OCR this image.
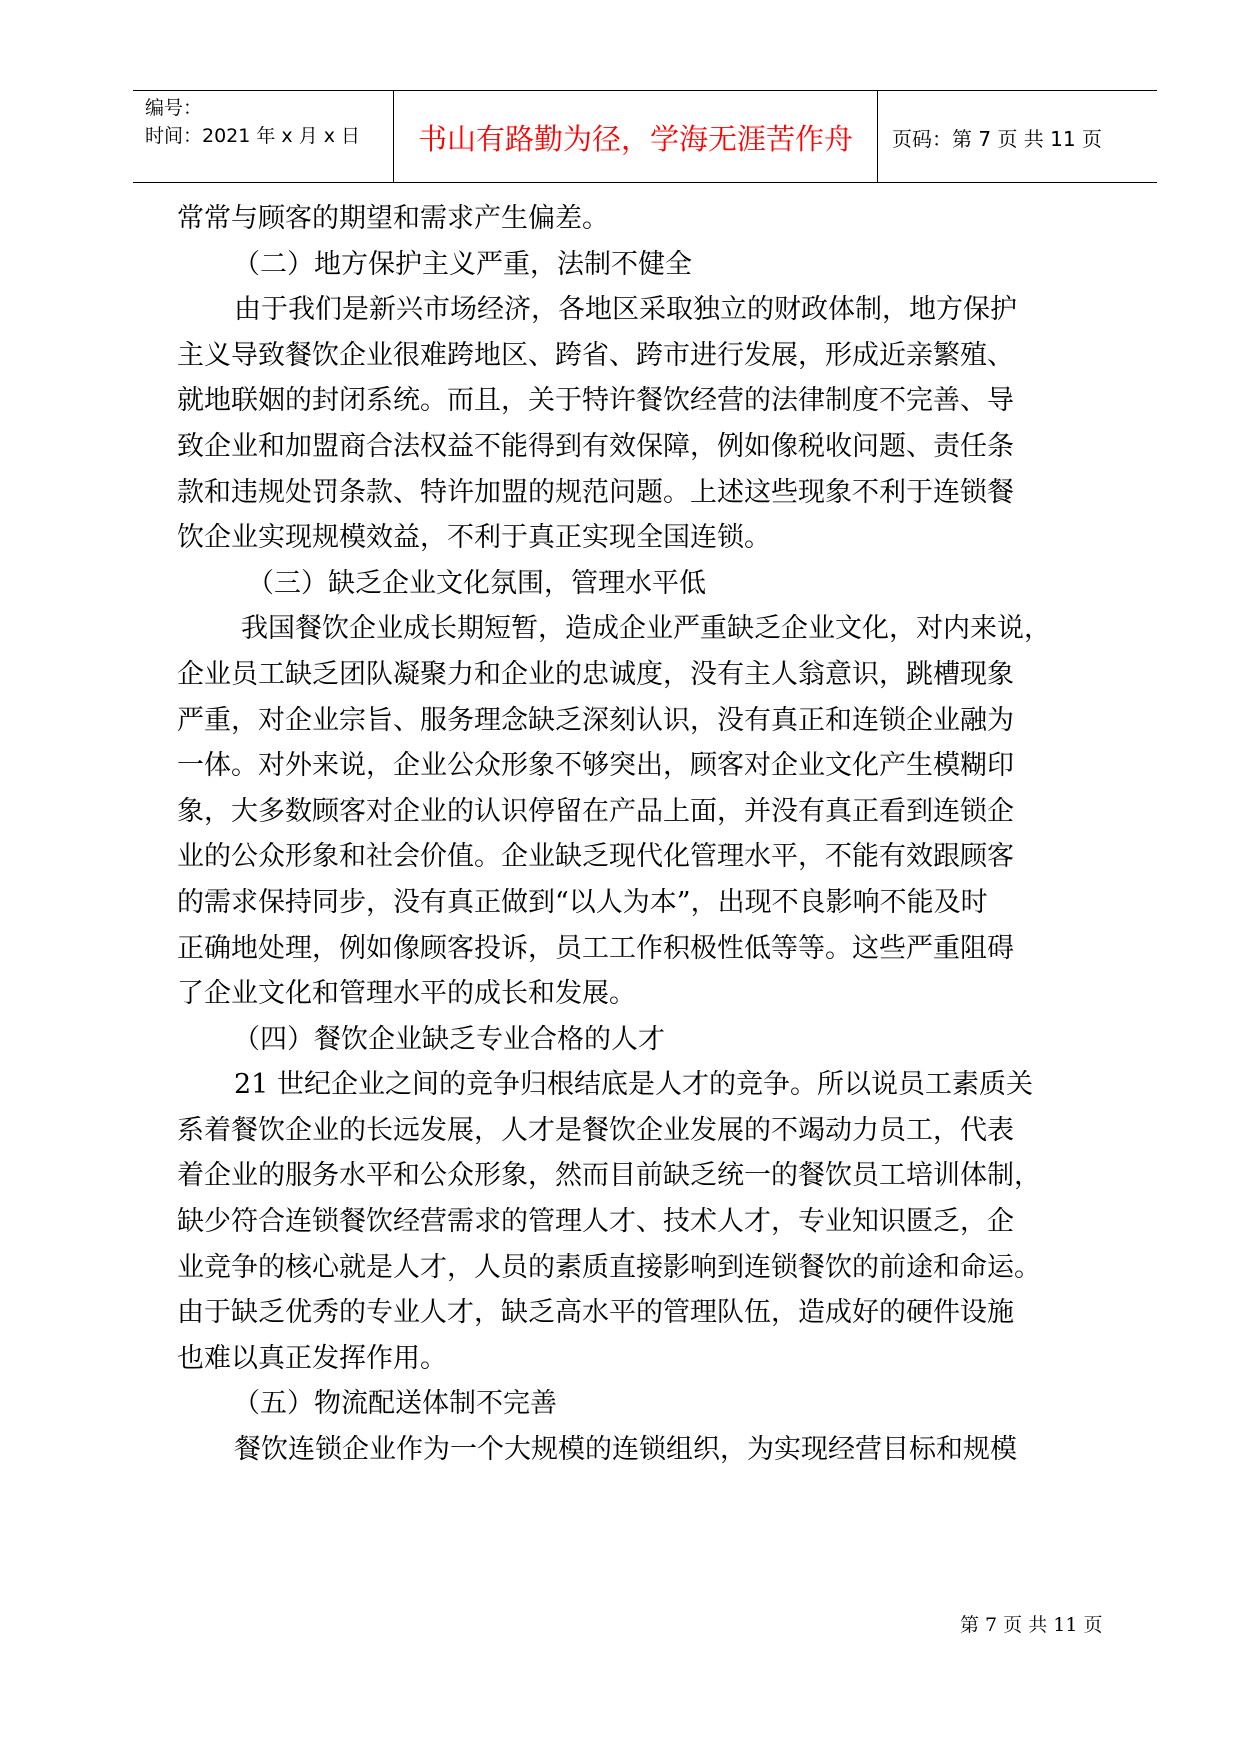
编号：
时间：2021 年 x 月 x 日	书山有路勤为径，学海无涯苦作舟	页码：第 7 页 共 11 页
常常与顾客的期望和需求产生偏差。
（二）地方保护主义严重，法制不健全
由于我们是新兴市场经济，各地区采取独立的财政体制，地方保护
主义导致餐饮企业很难跨地区、跨省、跨市进行发展，形成近亲繁殖、
就地联姻的封闭系统。而且，关于特许餐饮经营的法律制度不完善、导
致企业和加盟商合法权益不能得到有效保障，例如像税收问题、责任条
款和违规处罚条款、特许加盟的规范问题。上述这些现象不利于连锁餐
饮企业实现规模效益，不利于真正实现全国连锁。
（三）缺乏企业文化氛围，管理水平低
我国餐饮企业成长期短暂，造成企业严重缺乏企业文化，对内来说，
企业员工缺乏团队凝聚力和企业的忠诚度，没有主人翁意识，跳槽现象
严重，对企业宗旨、服务理念缺乏深刻认识，没有真正和连锁企业融为
一体。对外来说，企业公众形象不够突出，顾客对企业文化产生模糊印
象，大多数顾客对企业的认识停留在产品上面，并没有真正看到连锁企
业的公众形象和社会价值。企业缺乏现代化管理水平，不能有效跟顾客
的需求保持同步，没有真正做到“以人为本”，出现不良影响不能及时
正确地处理，例如像顾客投诉，员工工作积极性低等等。这些严重阻碍
了企业文化和管理水平的成长和发展。
（四）餐饮企业缺乏专业合格的人才
21 世纪企业之间的竞争归根结底是人才的竞争。所以说员工素质关
系着餐饮企业的长远发展，人才是餐饮企业发展的不竭动力员工，代表
着企业的服务水平和公众形象，然而目前缺乏统一的餐饮员工培训体制，
缺少符合连锁餐饮经营需求的管理人才、技术人才，专业知识匮乏，企
业竞争的核心就是人才，人员的素质直接影响到连锁餐饮的前途和命运。
由于缺乏优秀的专业人才，缺乏高水平的管理队伍，造成好的硬件设施
也难以真正发挥作用。
（五）物流配送体制不完善
餐饮连锁企业作为一个大规模的连锁组织，为实现经营目标和规模
第 7 页 共 11 页
